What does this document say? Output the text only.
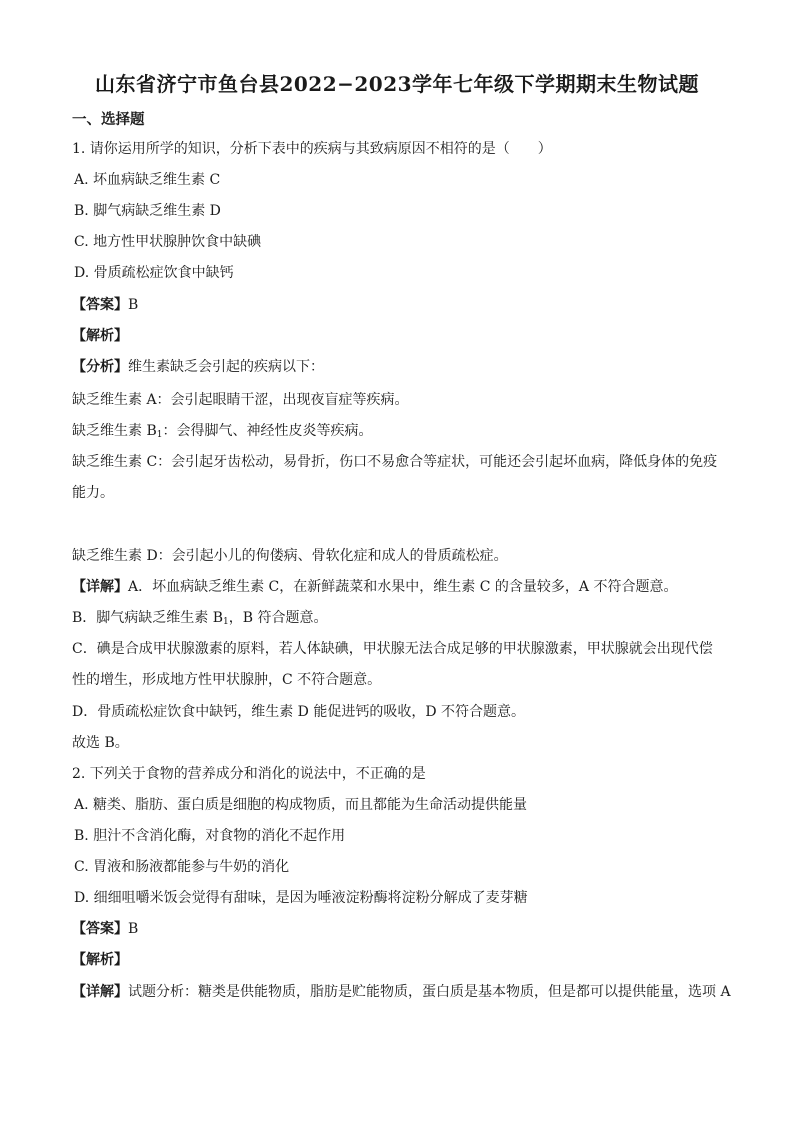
山东省济宁市鱼台县2022−2023学年七年级下学期期末生物试题
一、选择题
1. 请你运用所学的知识，分析下表中的疾病与其致病原因不相符的是（　　）
A. 坏血病缺乏维生素 C
B. 脚气病缺乏维生素 D
C. 地方性甲状腺肿饮食中缺碘
D. 骨质疏松症饮食中缺钙
【答案】B
【解析】
【分析】维生素缺乏会引起的疾病以下：
缺乏维生素 A：会引起眼睛干涩，出现夜盲症等疾病。
缺乏维生素 $B_1$：会得脚气、神经性皮炎等疾病。
缺乏维生素 C：会引起牙齿松动，易骨折，伤口不易愈合等症状，可能还会引起坏血病，降低身体的免疫
能力。
缺乏维生素 D：会引起小儿的佝偻病、骨软化症和成人的骨质疏松症。
【详解】A．坏血病缺乏维生素 C，在新鲜蔬菜和水果中，维生素 C 的含量较多，A 不符合题意。
B．脚气病缺乏维生素 $B_1$，B 符合题意。
C．碘是合成甲状腺激素的原料，若人体缺碘，甲状腺无法合成足够的甲状腺激素，甲状腺就会出现代偿
性的增生，形成地方性甲状腺肿，C 不符合题意。
D．骨质疏松症饮食中缺钙，维生素 D 能促进钙的吸收，D 不符合题意。
故选 B。
2. 下列关于食物的营养成分和消化的说法中，不正确的是
A. 糖类、脂肪、蛋白质是细胞的构成物质，而且都能为生命活动提供能量
B. 胆汁不含消化酶，对食物的消化不起作用
C. 胃液和肠液都能参与牛奶的消化
D. 细细咀嚼米饭会觉得有甜味，是因为唾液淀粉酶将淀粉分解成了麦芽糖
【答案】B
【解析】
【详解】试题分析：糖类是供能物质，脂肪是贮能物质，蛋白质是基本物质，但是都可以提供能量，选项 A
